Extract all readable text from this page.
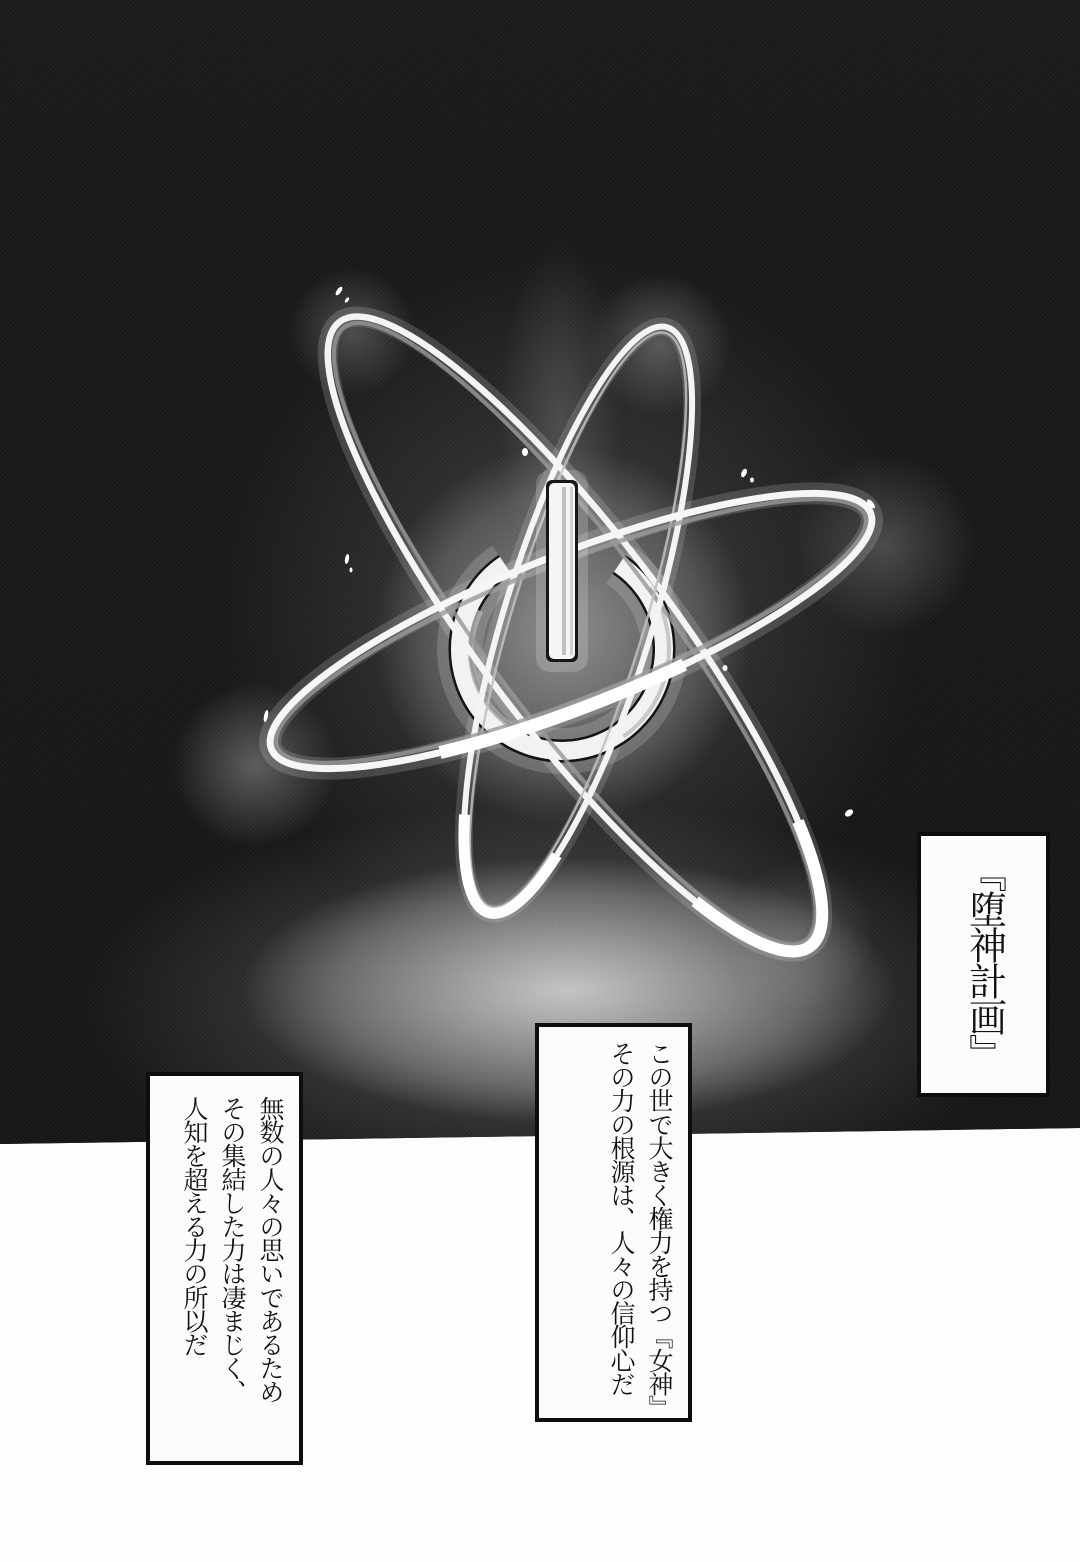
『堕神計画』
この世で大きく権力を持つ『女神』
その力の根源は、人々の信仰心だ
無数の人々の思いであるため
その集結した力は凄まじく、
人知を超える力の所以だ
